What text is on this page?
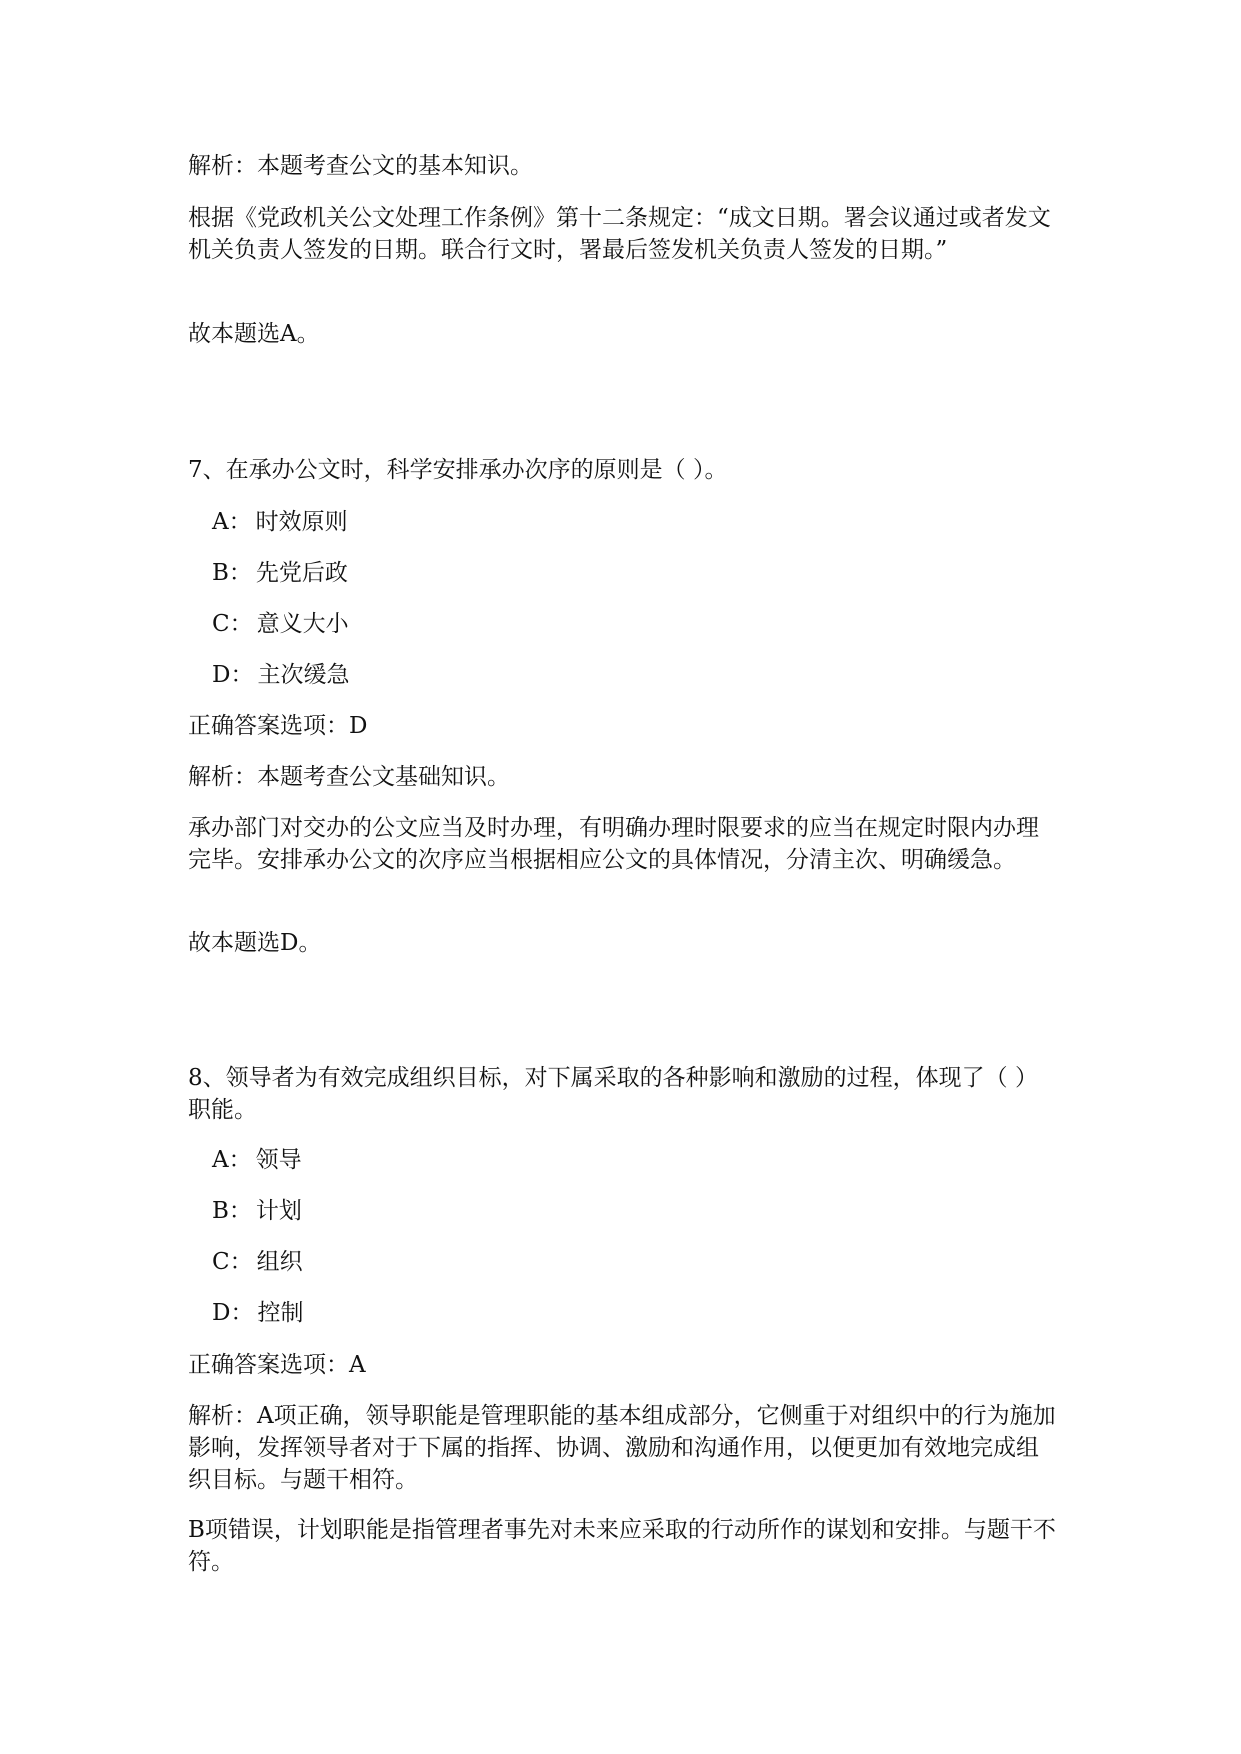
解析：本题考查公文的基本知识。

根据《党政机关公文处理工作条例》第十二条规定：“成文日期。署会议通过或者发文机关负责人签发的日期。联合行文时，署最后签发机关负责人签发的日期。”

故本题选A。

7、在承办公文时，科学安排承办次序的原则是（ ）。

A： 时效原则

B： 先党后政

C： 意义大小

D： 主次缓急

正确答案选项：D

解析：本题考查公文基础知识。

承办部门对交办的公文应当及时办理，有明确办理时限要求的应当在规定时限内办理完毕。安排承办公文的次序应当根据相应公文的具体情况，分清主次、明确缓急。

故本题选D。

8、领导者为有效完成组织目标，对下属采取的各种影响和激励的过程，体现了（ ）职能。

A： 领导

B： 计划

C： 组织

D： 控制

正确答案选项：A

解析：A项正确，领导职能是管理职能的基本组成部分，它侧重于对组织中的行为施加影响，发挥领导者对于下属的指挥、协调、激励和沟通作用，以便更加有效地完成组织目标。与题干相符。

B项错误，计划职能是指管理者事先对未来应采取的行动所作的谋划和安排。与题干不符。
